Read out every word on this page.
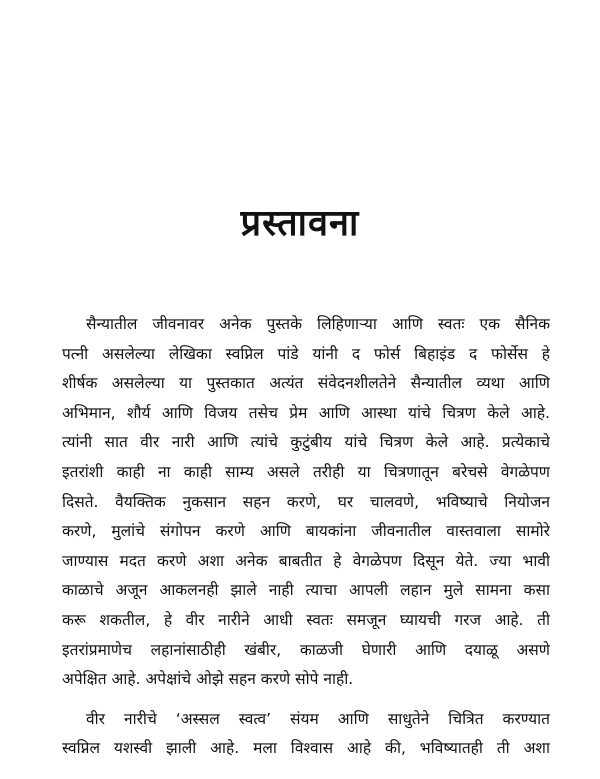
प्रस्तावना
सैन्यातील जीवनावर अनेक पुस्तके लिहिणाऱ्या आणि स्वतः एक सैनिक
पत्नी असलेल्या लेखिका स्वप्निल पांडे यांनी द फोर्स बिहाइंड द फोर्सेस हे
शीर्षक असलेल्या या पुस्तकात अत्यंत संवेदनशीलतेने सैन्यातील व्यथा आणि
अभिमान, शौर्य आणि विजय तसेच प्रेम आणि आस्था यांचे चित्रण केले आहे.
त्यांनी सात वीर नारी आणि त्यांचे कुटुंबीय यांचे चित्रण केले आहे. प्रत्येकाचे
इतरांशी काही ना काही साम्य असले तरीही या चित्रणातून बरेचसे वेगळेपण
दिसते. वैयक्तिक नुकसान सहन करणे, घर चालवणे, भविष्याचे नियोजन
करणे, मुलांचे संगोपन करणे आणि बायकांना जीवनातील वास्तवाला सामोरे
जाण्यास मदत करणे अशा अनेक बाबतीत हे वेगळेपण दिसून येते. ज्या भावी
काळाचे अजून आकलनही झाले नाही त्याचा आपली लहान मुले सामना कसा
करू शकतील, हे वीर नारीने आधी स्वतः समजून घ्यायची गरज आहे. ती
इतरांप्रमाणेच लहानांसाठीही खंबीर, काळजी घेणारी आणि दयाळू असणे
अपेक्षित आहे. अपेक्षांचे ओझे सहन करणे सोपे नाही.
वीर नारीचे ‘अस्सल स्वत्व’ संयम आणि साधुतेने चित्रित करण्यात
स्वप्निल यशस्वी झाली आहे. मला विश्वास आहे की, भविष्यातही ती अशा
